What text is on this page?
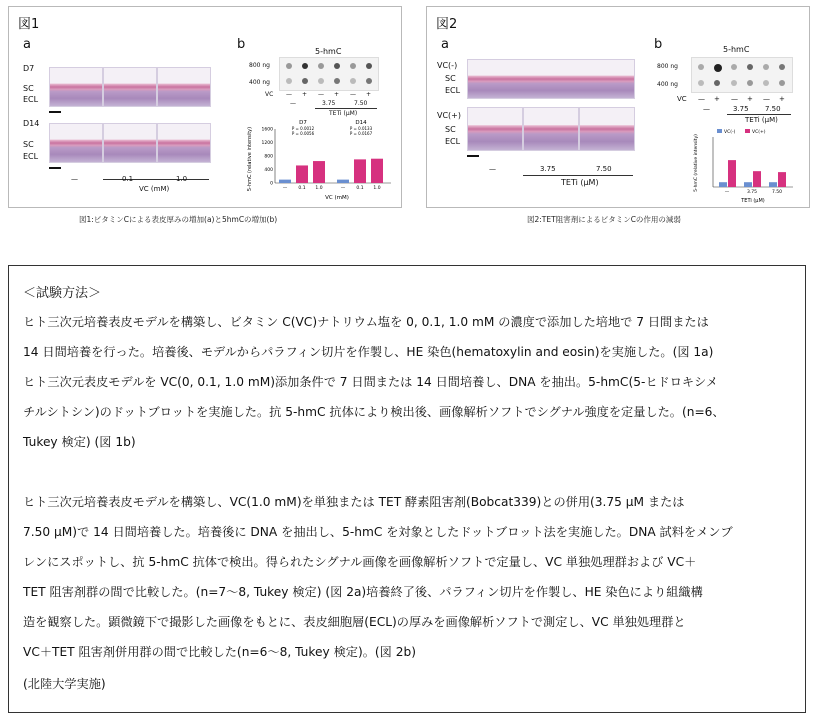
図1
a
D7
SC
ECL
D14
SC
ECL
—	0.1	1.0
VC (mM)
b	5-hmC
800 ng
400 ng
VC — + — + — +
—	3.75	7.50
TETi (μM)
5-hmC (relative intensity) 1600
1200
800
400
0
D7
P = 0.0012
P = 0.0056
— 0.1 1.0
D14
P = 0.0133
P = 0.0167
— 0.1 1.0
VC (mM)
図1:ビタミンCによる表皮厚みの増加(a)と5hmCの増加(b)
図2
a
VC(-)
SC
ECL
VC(+)
SC
ECL
—	3.75	7.50
TETi (μM)
b	5-hmC
800 ng
400 ng
VC — + — + — +
—	3.75 7.50
TETi (μM)
VC(-)	VC(+)
5-hmC (relative intensity)
—	3.75	7.50
TETi (μM)
図2:TET阻害剤によるビタミンCの作用の減弱
＜試験方法＞
ヒト三次元培養表皮モデルを構築し、ビタミン C(VC)ナトリウム塩を 0, 0.1, 1.0 mM の濃度で添加した培地で 7 日間または
14 日間培養を行った。培養後、モデルからパラフィン切片を作製し、HE 染色(hematoxylin and eosin)を実施した。(図 1a)
ヒト三次元表皮モデルを VC(0, 0.1, 1.0 mM)添加条件で 7 日間または 14 日間培養し、DNA を抽出。5-hmC(5-ヒドロキシメ
チルシトシン)のドットブロットを実施した。抗 5-hmC 抗体により検出後、画像解析ソフトでシグナル強度を定量した。(n=6、
Tukey 検定) (図 1b)
ヒト三次元培養表皮モデルを構築し、VC(1.0 mM)を単独または TET 酵素阻害剤(Bobcat339)との併用(3.75 μM または
7.50 μM)で 14 日間培養した。培養後に DNA を抽出し、5-hmC を対象としたドットブロット法を実施した。DNA 試料をメンブ
レンにスポットし、抗 5-hmC 抗体で検出。得られたシグナル画像を画像解析ソフトで定量し、VC 単独処理群および VC＋
TET 阻害剤群の間で比較した。(n=7～8, Tukey 検定) (図 2a)培養終了後、パラフィン切片を作製し、HE 染色により組織構
造を観察した。顕微鏡下で撮影した画像をもとに、表皮細胞層(ECL)の厚みを画像解析ソフトで測定し、VC 単独処理群と
VC＋TET 阻害剤併用群の間で比較した(n=6～8, Tukey 検定)。(図 2b)
(北陸大学実施)
